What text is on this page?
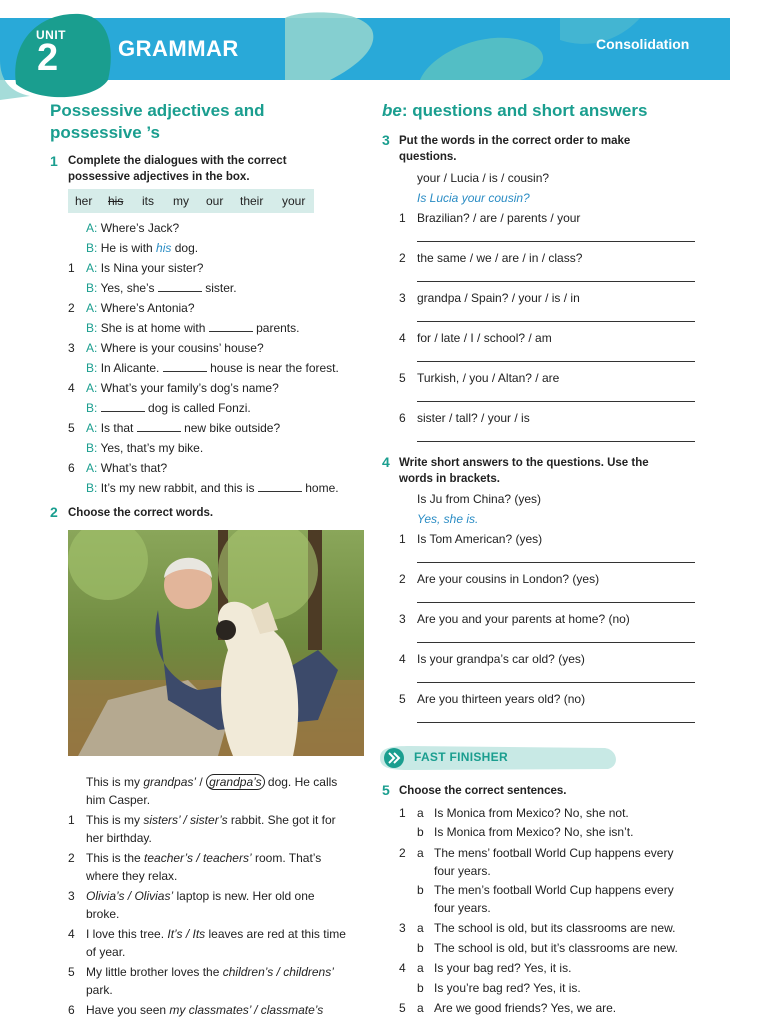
UNIT
2	GRAMMAR	Consolidation
Possessive adjectives and
possessive ’s
1 Complete the dialogues with the correct
possessive adjectives in the box.
her his its my our their your
A: Where’s Jack?
B: He is with his dog.
1 A: Is Nina your sister?
B: Yes, she’s	sister.
2 A: Where’s Antonia?
B: She is at home with	parents.
3 A: Where is your cousins’ house?
B: In Alicante.	house is near the forest.
4 A: What’s your family’s dog’s name?
B:	dog is called Fonzi.
5 A: Is that	new bike outside?
B: Yes, that’s my bike.
6 A: What’s that?
B: It’s my new rabbit, and this is	home.
2 Choose the correct words.
This is my grandpas’ / grandpa’s dog. He calls
him Casper.
1 This is my sisters’ / sister’s rabbit. She got it for
her birthday.
2 This is the teacher’s / teachers’ room. That’s
where they relax.
3 Olivia’s / Olivias’ laptop is new. Her old one
broke.
4 I love this tree. It’s / Its leaves are red at this time
of year.
5 My little brother loves the children’s / childrens’
park.
6 Have you seen my classmates’ / classmate’s
be: questions and short answers
3 Put the words in the correct order to make
questions.
your / Lucia / is / cousin?
Is Lucia your cousin?
1 Brazilian? / are / parents / your
2 the same / we / are / in / class?
3 grandpa / Spain? / your / is / in
4 for / late / I / school? / am
5 Turkish, / you / Altan? / are
6 sister / tall? / your / is
4 Write short answers to the questions. Use the
words in brackets.
Is Ju from China? (yes)
Yes, she is.
1 Is Tom American? (yes)
2 Are your cousins in London? (yes)
3 Are you and your parents at home? (no)
4 Is your grandpa’s car old? (yes)
5 Are you thirteen years old? (no)
FAST FINISHER
5 Choose the correct sentences.
1 a Is Monica from Mexico? No, she not.
b Is Monica from Mexico? No, she isn’t.
2 a The mens’ football World Cup happens every
four years.
b The men’s football World Cup happens every
four years.
3 a The school is old, but its classrooms are new.
b The school is old, but it’s classrooms are new.
4 a Is your bag red? Yes, it is.
b Is you’re bag red? Yes, it is.
5 a Are we good friends? Yes, we are.
